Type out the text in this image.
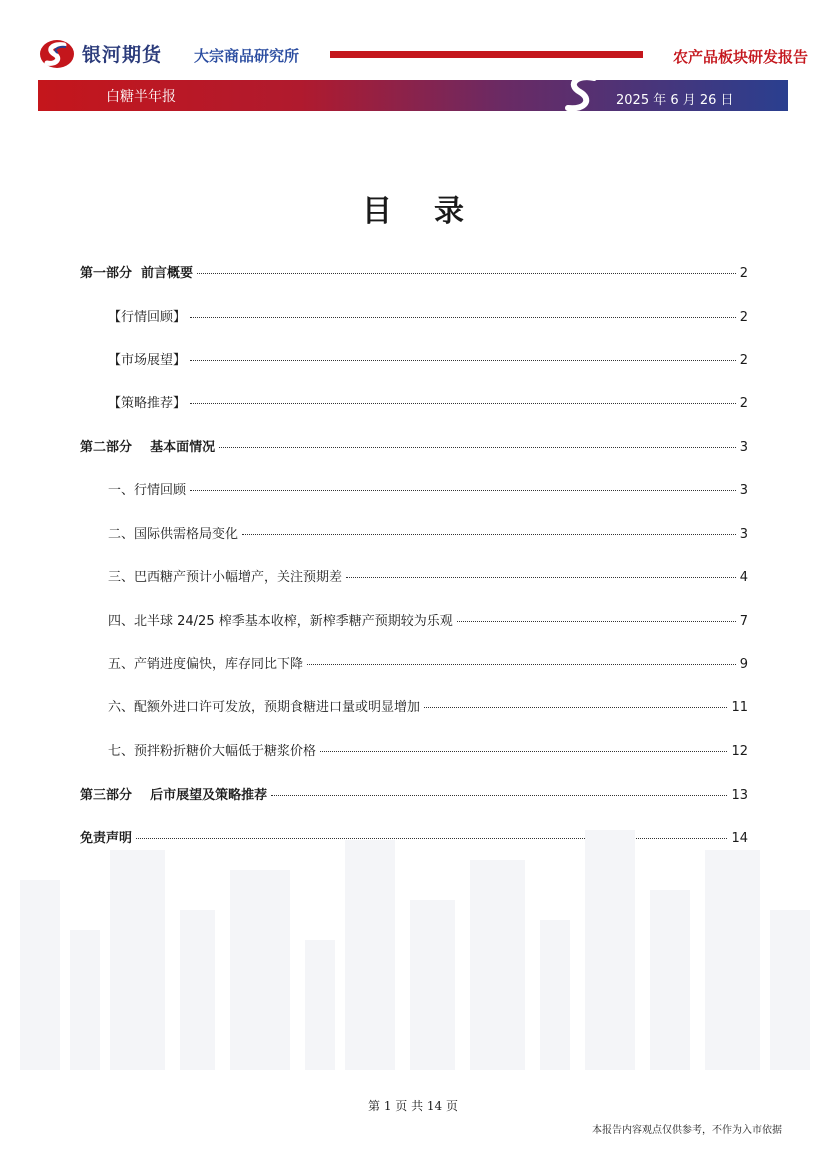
银河期货 大宗商品研究所	农产品板块研发报告
白糖半年报	2025 年 6 月 26 日
目录
第一部分  前言概要	2
【行情回顾】	2
【市场展望】	2
【策略推荐】	2
第二部分    基本面情况	3
一、行情回顾	3
二、国际供需格局变化	3
三、巴西糖产预计小幅增产，关注预期差	4
四、北半球 24/25 榨季基本收榨，新榨季糖产预期较为乐观	7
五、产销进度偏快，库存同比下降	9
六、配额外进口许可发放，预期食糖进口量或明显增加	11
七、预拌粉折糖价大幅低于糖浆价格	12
第三部分    后市展望及策略推荐	13
免责声明	14
第 1 页 共 14 页
本报告内容观点仅供参考，不作为入市依据
